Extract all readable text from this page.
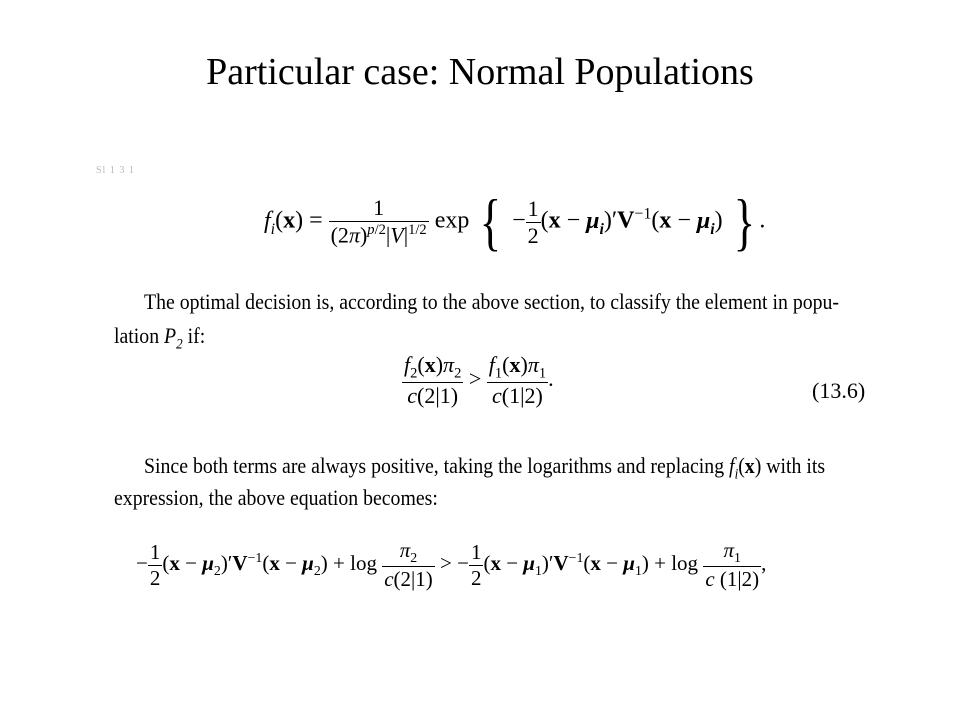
Particular case: Normal Populations
Sl 1 3 1
$f_i(x) = \frac{1}{(2\pi)^{p/2}|V|^{1/2}}$ exp { − $\frac{1}{2} (x - \mu_i)'V^{-1}(x - \mu_i)$ } .
The optimal decision is, according to the above section, to classify the element in popu-
lation $P_2$ if:
$\frac{f_2(x)\pi_2}{c(2|1)} > \frac{f_1(x)\pi_1}{c(1|2)}$ .	(13.6)
Since both terms are always positive, taking the logarithms and replacing $f_i(x)$ with its
expression, the above equation becomes:
− $\frac{1}{2} (x - \mu_2)'V^{-1}(x - \mu_2) + \log \frac{\pi_2}{c(2|1)}$ > − $\frac{1}{2} (x - \mu_1)'V^{-1}(x - \mu_1) + \log \frac{\pi_1}{c (1|2)}$ ,
